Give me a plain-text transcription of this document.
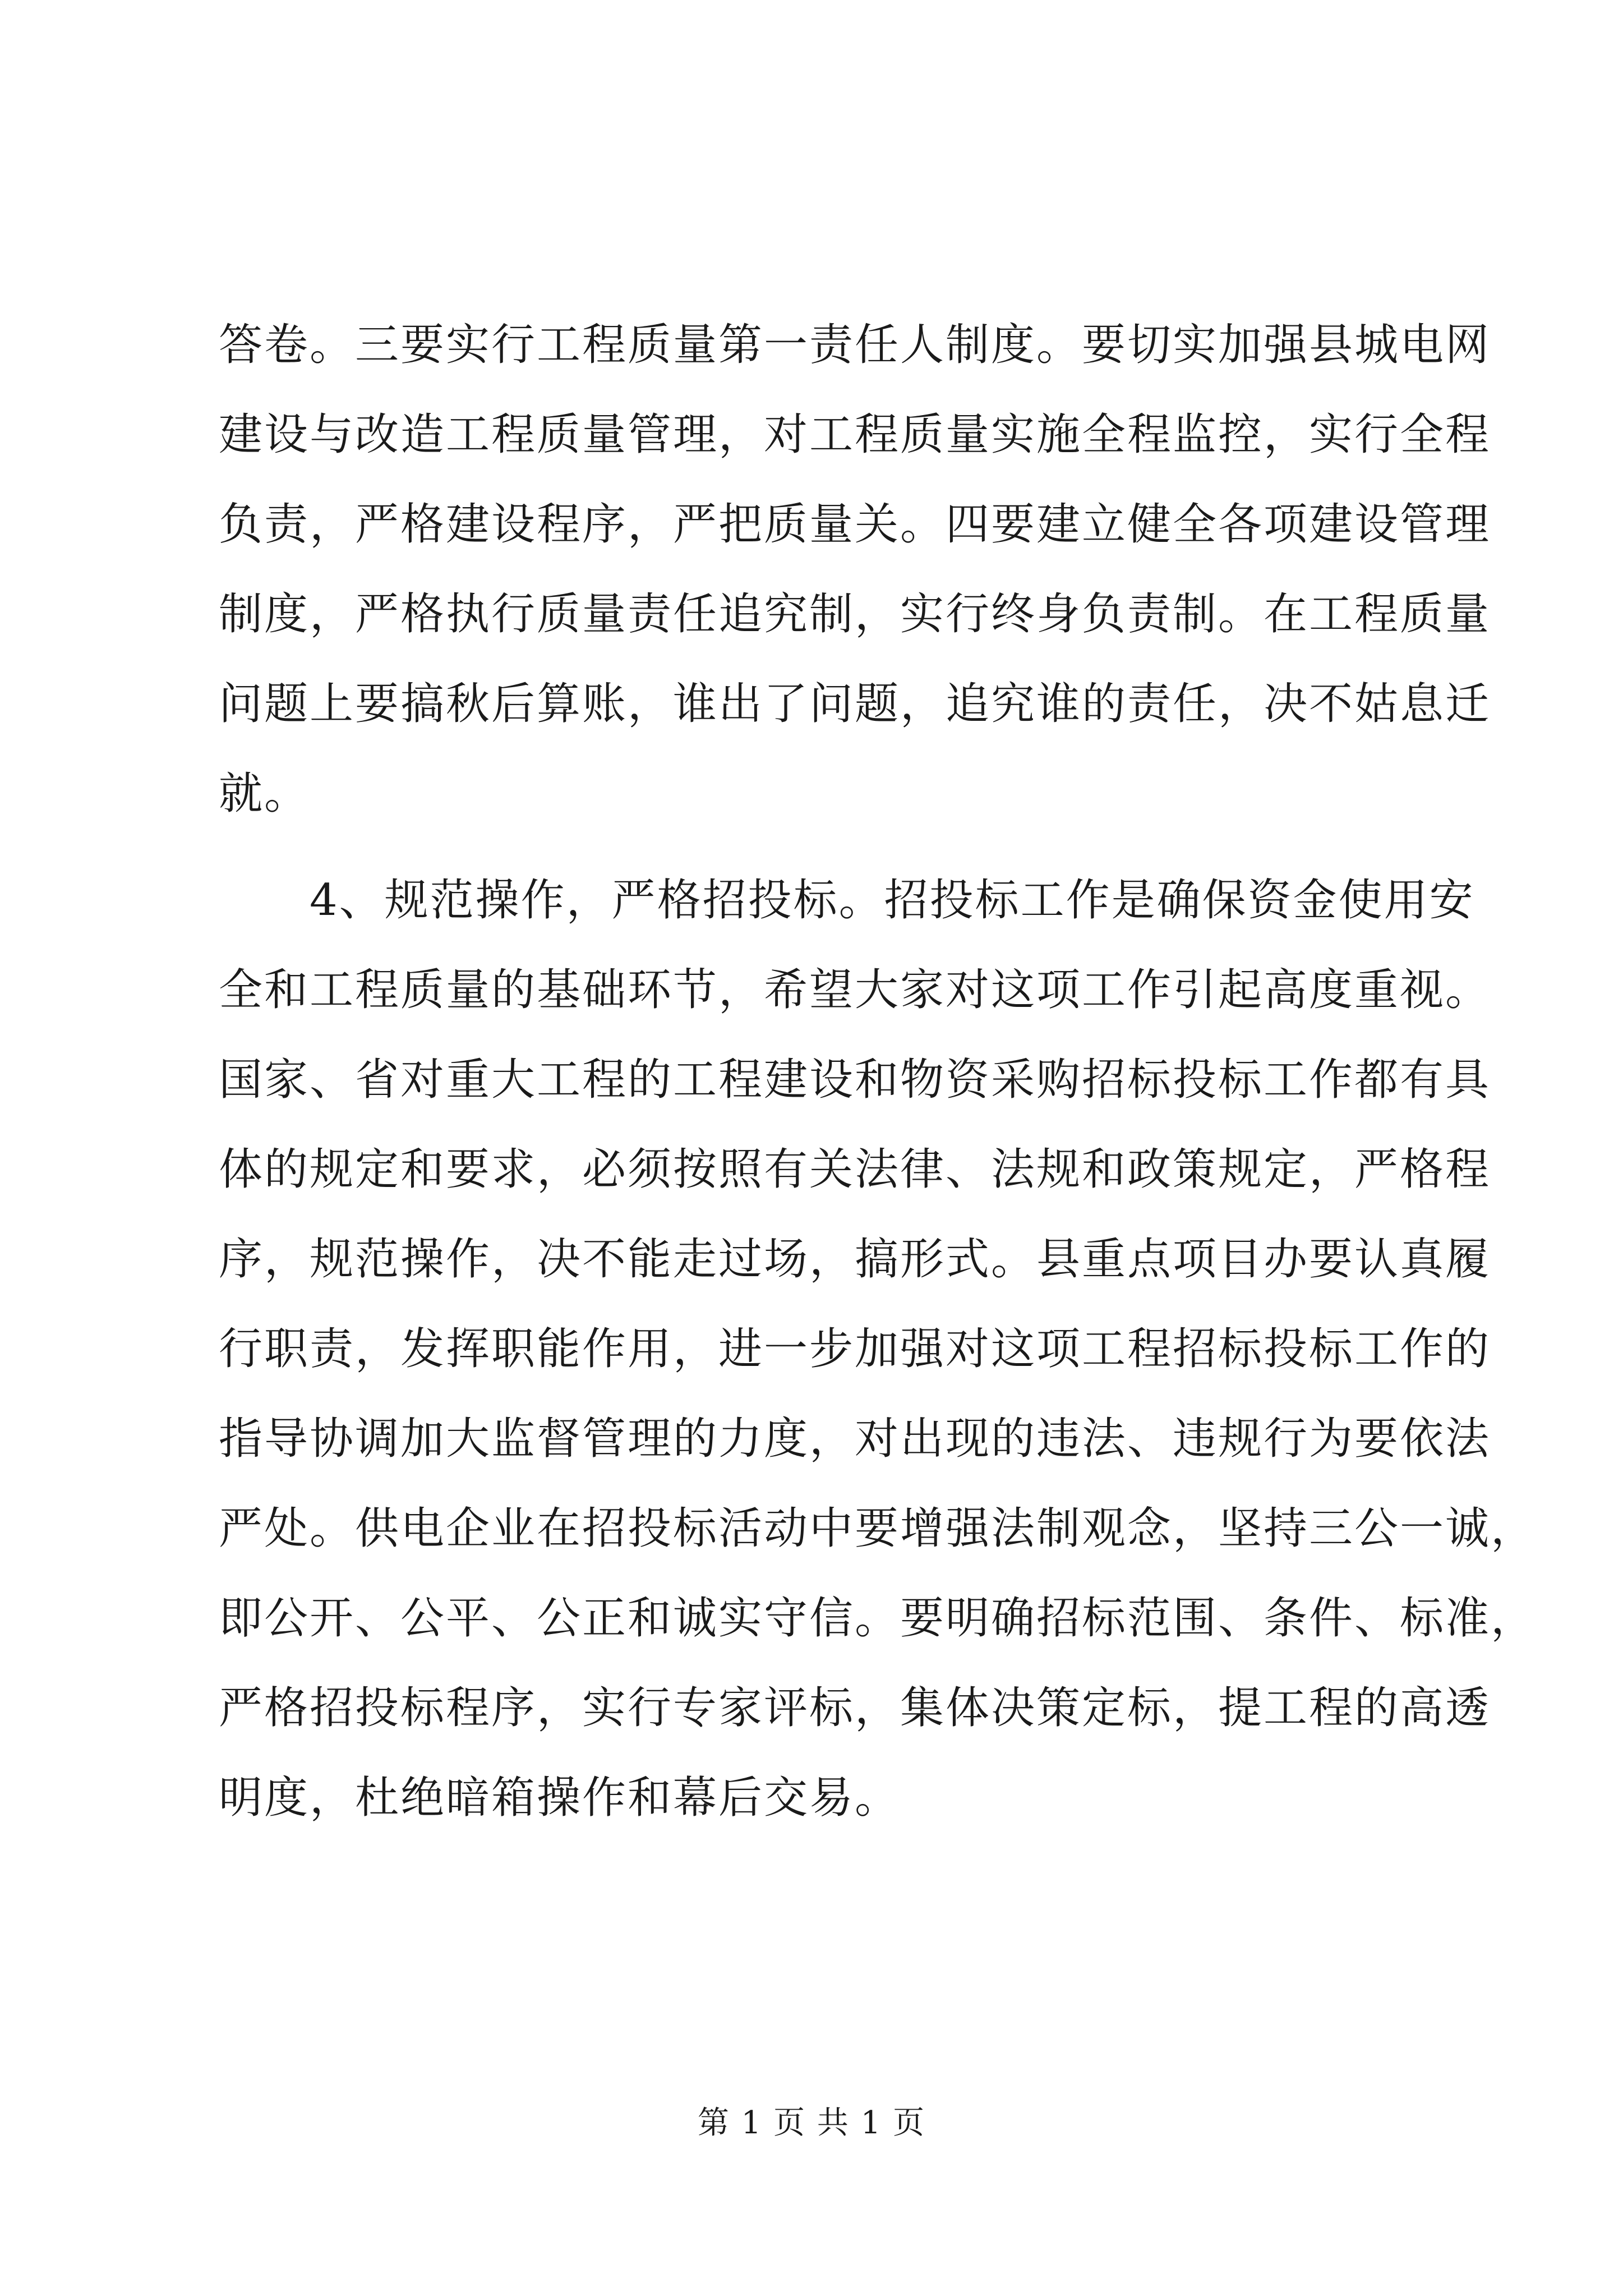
答卷。三要实行工程质量第一责任人制度。要切实加强县城电网
建设与改造工程质量管理，对工程质量实施全程监控，实行全程
负责，严格建设程序，严把质量关。四要建立健全各项建设管理
制度，严格执行质量责任追究制，实行终身负责制。在工程质量
问题上要搞秋后算账，谁出了问题，追究谁的责任，决不姑息迁
就。
　　4、规范操作，严格招投标。招投标工作是确保资金使用安
全和工程质量的基础环节，希望大家对这项工作引起高度重视。
国家、省对重大工程的工程建设和物资采购招标投标工作都有具
体的规定和要求，必须按照有关法律、法规和政策规定，严格程
序，规范操作，决不能走过场，搞形式。县重点项目办要认真履
行职责，发挥职能作用，进一步加强对这项工程招标投标工作的
指导协调加大监督管理的力度，对出现的违法、违规行为要依法
严处。供电企业在招投标活动中要增强法制观念，坚持三公一诚，
即公开、公平、公正和诚实守信。要明确招标范围、条件、标准，
严格招投标程序，实行专家评标，集体决策定标，提工程的高透
明度，杜绝暗箱操作和幕后交易。
第 1 页 共 1 页
